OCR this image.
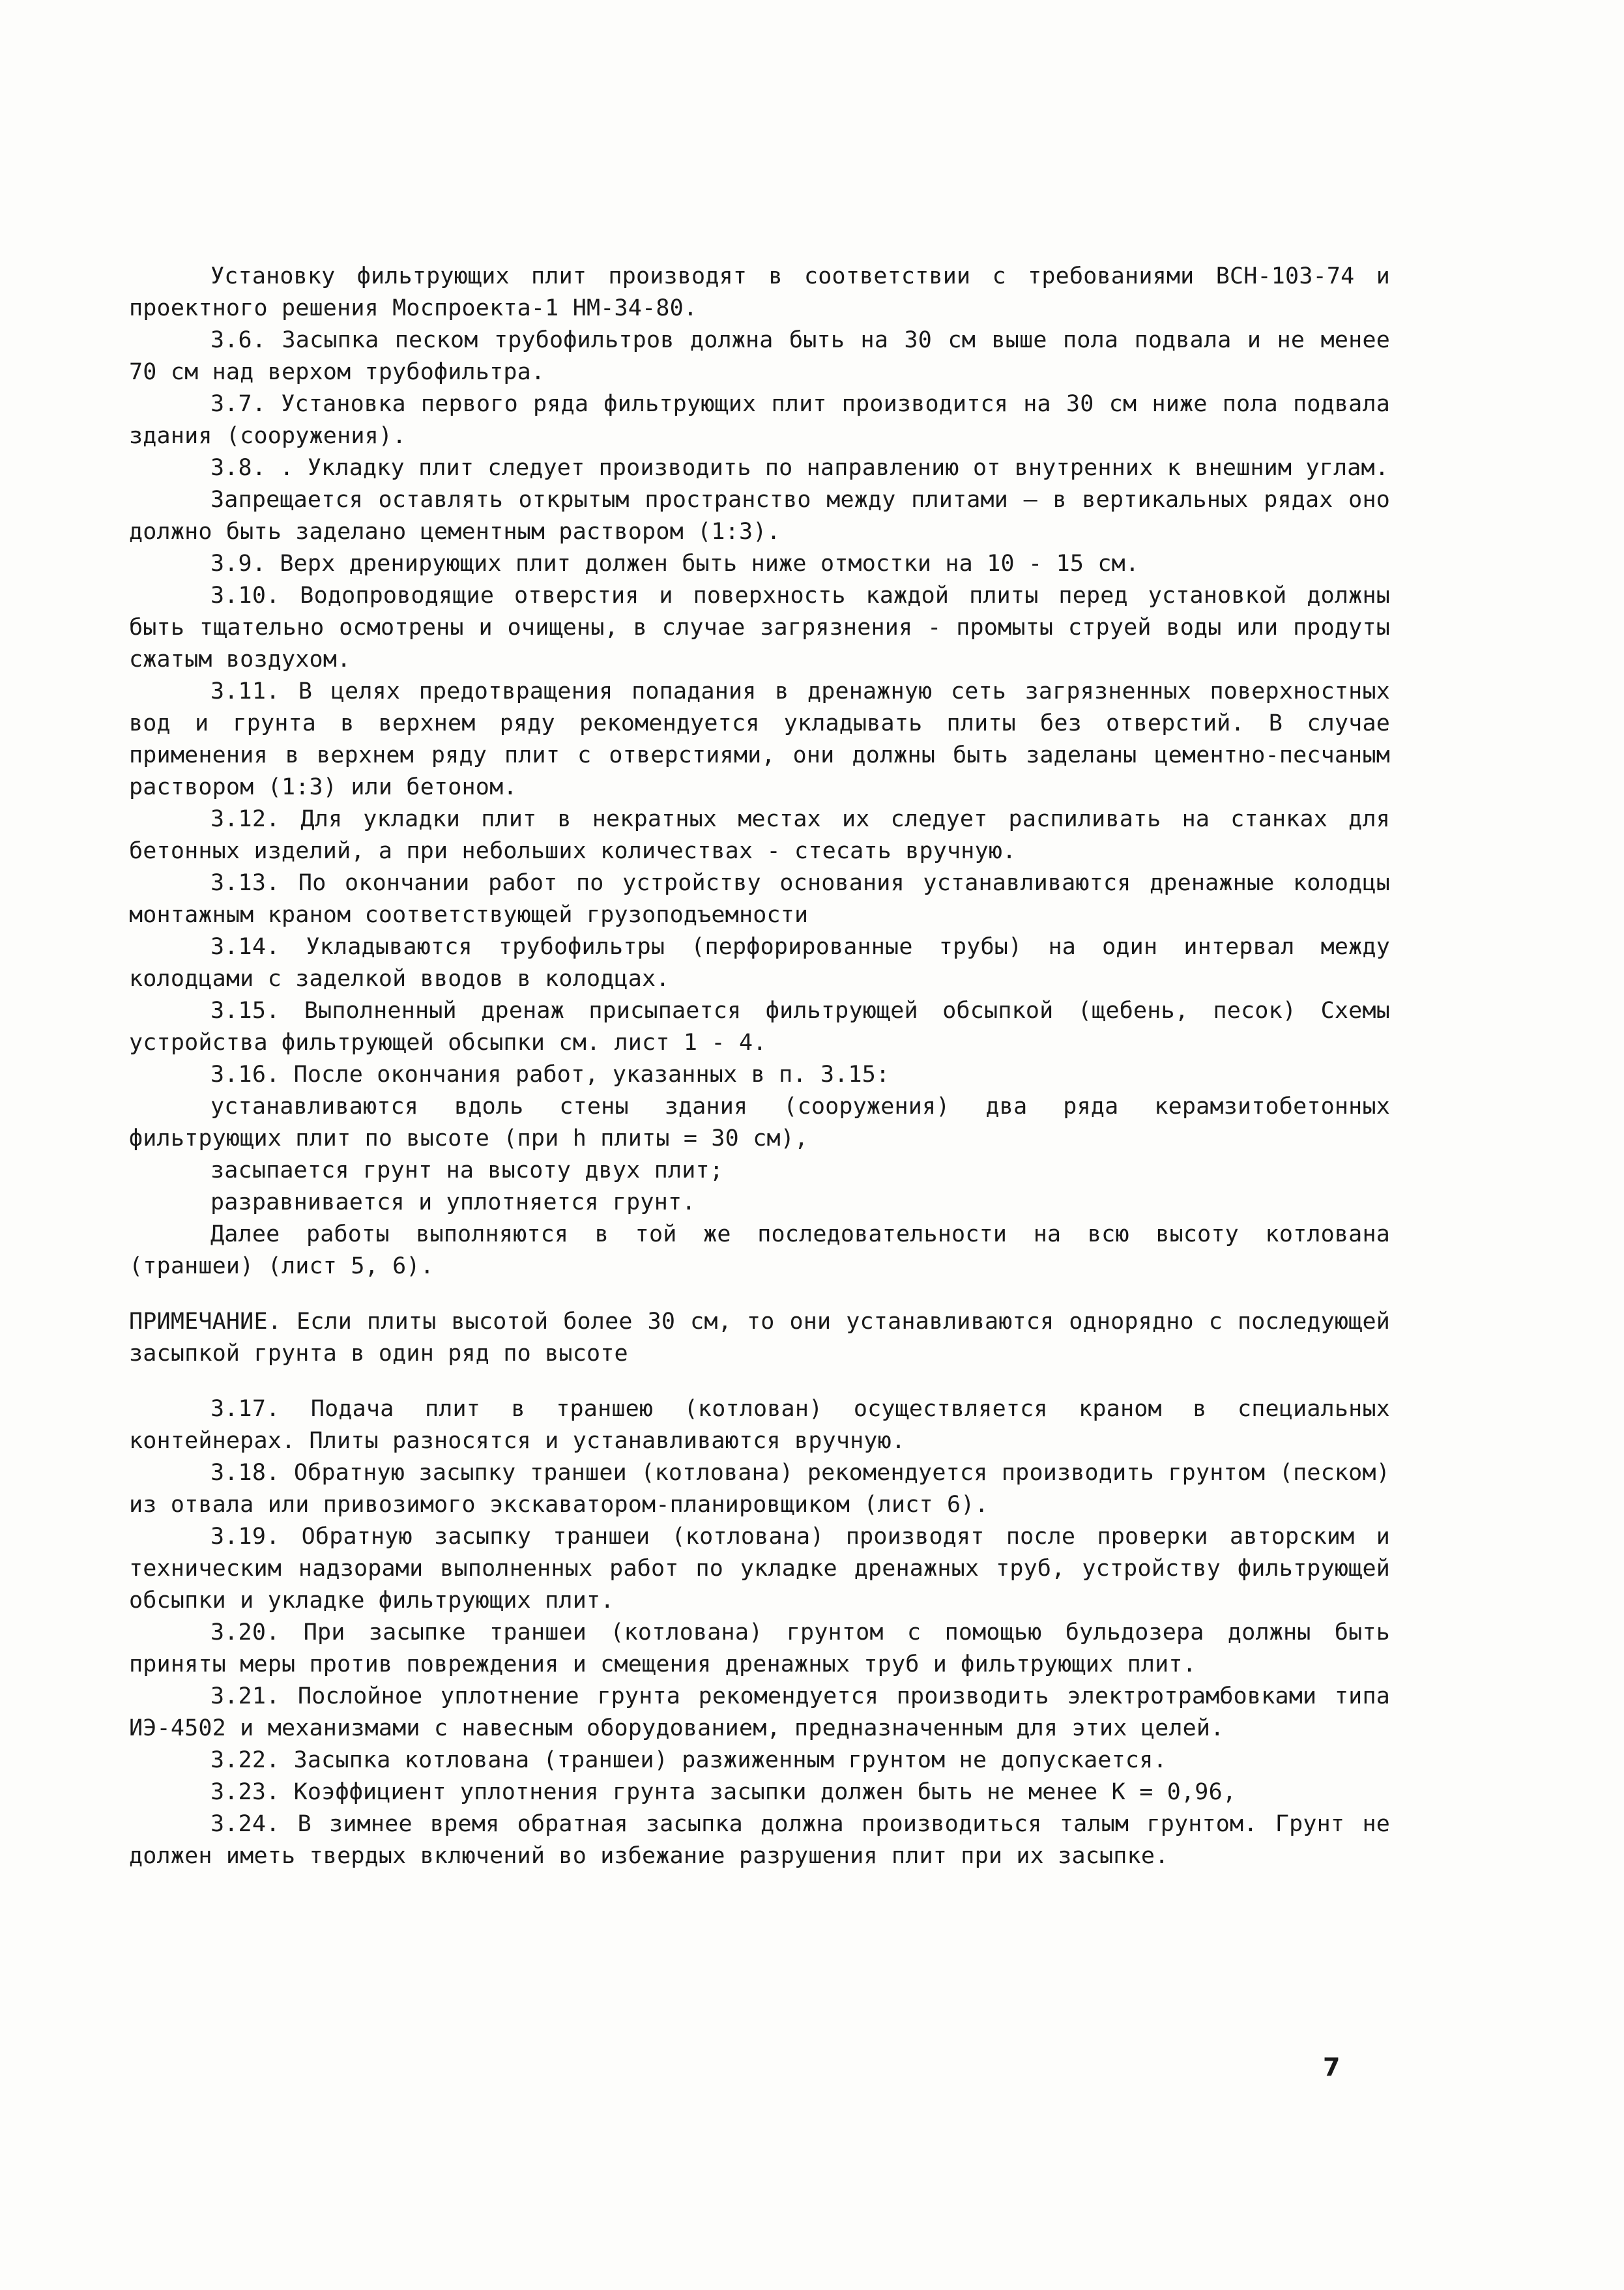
Установку фильтрующих плит производят в соответствии с требованиями ВСН-103-74 и проектного решения Моспроекта-1 НМ-34-80.

3.6. Засыпка песком трубофильтров должна быть на 30 см выше пола подвала и не менее 70 см над верхом трубофильтра.

3.7. Установка первого ряда фильтрующих плит производится на 30 см ниже пола подвала здания (сооружения).

3.8. . Укладку плит следует производить по направлению от внутренних к внешним углам.

Запрещается оставлять открытым пространство между плитами – в вертикальных рядах оно должно быть заделано цементным раствором (1:3).

3.9. Верх дренирующих плит должен быть ниже отмостки на 10 - 15 см.

3.10. Водопроводящие отверстия и поверхность каждой плиты перед установкой должны быть тщательно осмотрены и очищены, в случае загрязнения - промыты струей воды или продуты сжатым воздухом.

3.11. В целях предотвращения попадания в дренажную сеть загрязненных поверхностных вод и грунта в верхнем ряду рекомендуется укладывать плиты без отверстий. В случае применения в верхнем ряду плит с отверстиями, они должны быть заделаны цементно-песчаным раствором (1:3) или бетоном.

3.12. Для укладки плит в некратных местах их следует распиливать на станках для бетонных изделий, а при небольших количествах - стесать вручную.

3.13. По окончании работ по устройству основания устанавливаются дренажные колодцы монтажным краном соответствующей грузоподъемности

3.14. Укладываются трубофильтры (перфорированные трубы) на один интервал между колодцами с заделкой вводов в колодцах.

3.15. Выполненный дренаж присыпается фильтрующей обсыпкой (щебень, песок) Схемы устройства фильтрующей обсыпки см. лист 1 - 4.

3.16. После окончания работ, указанных в п. 3.15:

устанавливаются вдоль стены здания (сооружения) два ряда керамзитобетонных фильтрующих плит по высоте (при h плиты = 30 см),

засыпается грунт на высоту двух плит;

разравнивается и уплотняется грунт.

Далее работы выполняются в той же последовательности на всю высоту котлована (траншеи) (лист 5, 6).

ПРИМЕЧАНИЕ. Если плиты высотой более 30 см, то они устанавливаются однорядно с последующей засыпкой грунта в один ряд по высоте

3.17. Подача плит в траншею (котлован) осуществляется краном в специальных контейнерах. Плиты разносятся и устанавливаются вручную.

3.18. Обратную засыпку траншеи (котлована) рекомендуется производить грунтом (песком) из отвала или привозимого экскаватором-планировщиком (лист 6).

3.19. Обратную засыпку траншеи (котлована) производят после проверки авторским и техническим надзорами выполненных работ по укладке дренажных труб, устройству фильтрующей обсыпки и укладке фильтрующих плит.

3.20. При засыпке траншеи (котлована) грунтом с помощью бульдозера должны быть приняты меры против повреждения и смещения дренажных труб и фильтрующих плит.

3.21. Послойное уплотнение грунта рекомендуется производить электротрамбовками типа ИЭ-4502 и механизмами с навесным оборудованием, предназначенным для этих целей.

3.22. Засыпка котлована (траншеи) разжиженным грунтом не допускается.

3.23. Коэффициент уплотнения грунта засыпки должен быть не менее К = 0,96,

3.24. В зимнее время обратная засыпка должна производиться талым грунтом. Грунт не должен иметь твердых включений во избежание разрушения плит при их засыпке.

7
